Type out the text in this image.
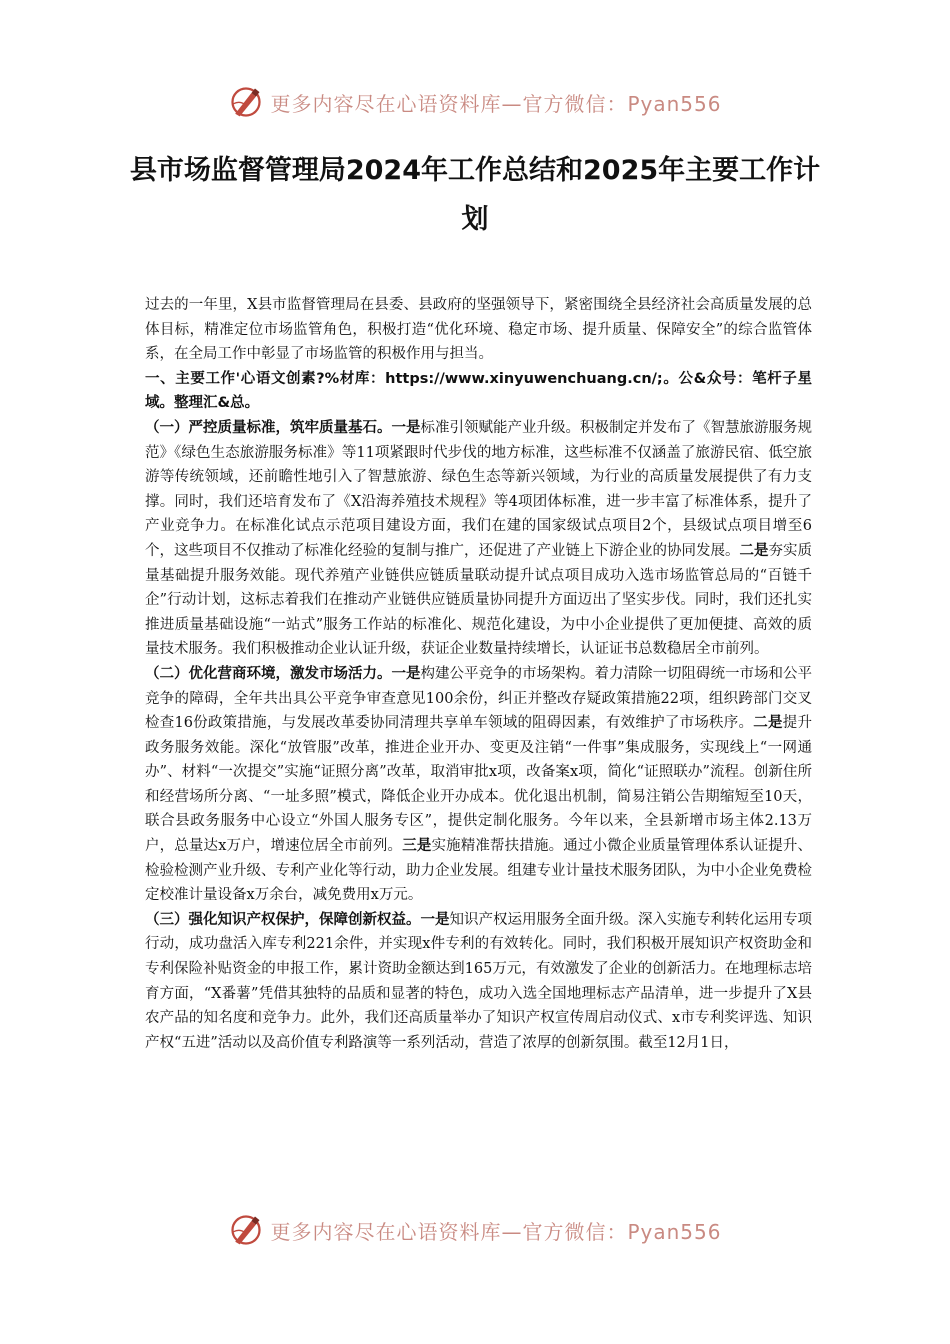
更多内容尽在心语资料库—官方微信：Pyan556
县市场监督管理局2024年工作总结和2025年主要工作计划

过去的一年里，X县市监督管理局在县委、县政府的坚强领导下，紧密围绕全县经济社会高质量发展的总体目标，精准定位市场监管角色，积极打造“优化环境、稳定市场、提升质量、保障安全”的综合监管体系，在全局工作中彰显了市场监管的积极作用与担当。

一、主要工作'心语文创素?%材库：https://www.xinyuwenchuang.cn/;。公&众号：笔杆子星域。整理汇&总。

（一）严控质量标准，筑牢质量基石。一是标准引领赋能产业升级。积极制定并发布了《智慧旅游服务规范》《绿色生态旅游服务标准》等11项紧跟时代步伐的地方标准，这些标准不仅涵盖了旅游民宿、低空旅游等传统领域，还前瞻性地引入了智慧旅游、绿色生态等新兴领域，为行业的高质量发展提供了有力支撑。同时，我们还培育发布了《X沿海养殖技术规程》等4项团体标准，进一步丰富了标准体系，提升了产业竞争力。在标准化试点示范项目建设方面，我们在建的国家级试点项目2个，县级试点项目增至6个，这些项目不仅推动了标准化经验的复制与推广，还促进了产业链上下游企业的协同发展。二是夯实质量基础提升服务效能。现代养殖产业链供应链质量联动提升试点项目成功入选市场监管总局的“百链千企”行动计划，这标志着我们在推动产业链供应链质量协同提升方面迈出了坚实步伐。同时，我们还扎实推进质量基础设施“一站式”服务工作站的标准化、规范化建设，为中小企业提供了更加便捷、高效的质量技术服务。我们积极推动企业认证升级，获证企业数量持续增长，认证证书总数稳居全市前列。

（二）优化营商环境，激发市场活力。一是构建公平竞争的市场架构。着力清除一切阻碍统一市场和公平竞争的障碍，全年共出具公平竞争审查意见100余份，纠正并整改存疑政策措施22项，组织跨部门交叉检查16份政策措施，与发展改革委协同清理共享单车领域的阻碍因素，有效维护了市场秩序。二是提升政务服务效能。深化“放管服”改革，推进企业开办、变更及注销“一件事”集成服务，实现线上“一网通办”、材料“一次提交”实施“证照分离”改革，取消审批x项，改备案x项，简化“证照联办”流程。创新住所和经营场所分离、“一址多照”模式，降低企业开办成本。优化退出机制，简易注销公告期缩短至10天，联合县政务服务中心设立“外国人服务专区”，提供定制化服务。今年以来，全县新增市场主体2.13万户，总量达x万户，增速位居全市前列。三是实施精准帮扶措施。通过小微企业质量管理体系认证提升、检验检测产业升级、专利产业化等行动，助力企业发展。组建专业计量技术服务团队，为中小企业免费检定校准计量设备x万余台，减免费用x万元。

（三）强化知识产权保护，保障创新权益。一是知识产权运用服务全面升级。深入实施专利转化运用专项行动，成功盘活入库专利221余件，并实现x件专利的有效转化。同时，我们积极开展知识产权资助金和专利保险补贴资金的申报工作，累计资助金额达到165万元，有效激发了企业的创新活力。在地理标志培育方面，“X番薯”凭借其独特的品质和显著的特色，成功入选全国地理标志产品清单，进一步提升了X县农产品的知名度和竞争力。此外，我们还高质量举办了知识产权宣传周启动仪式、x市专利奖评选、知识产权“五进”活动以及高价值专利路演等一系列活动，营造了浓厚的创新氛围。截至12月1日，

更多内容尽在心语资料库—官方微信：Pyan556
